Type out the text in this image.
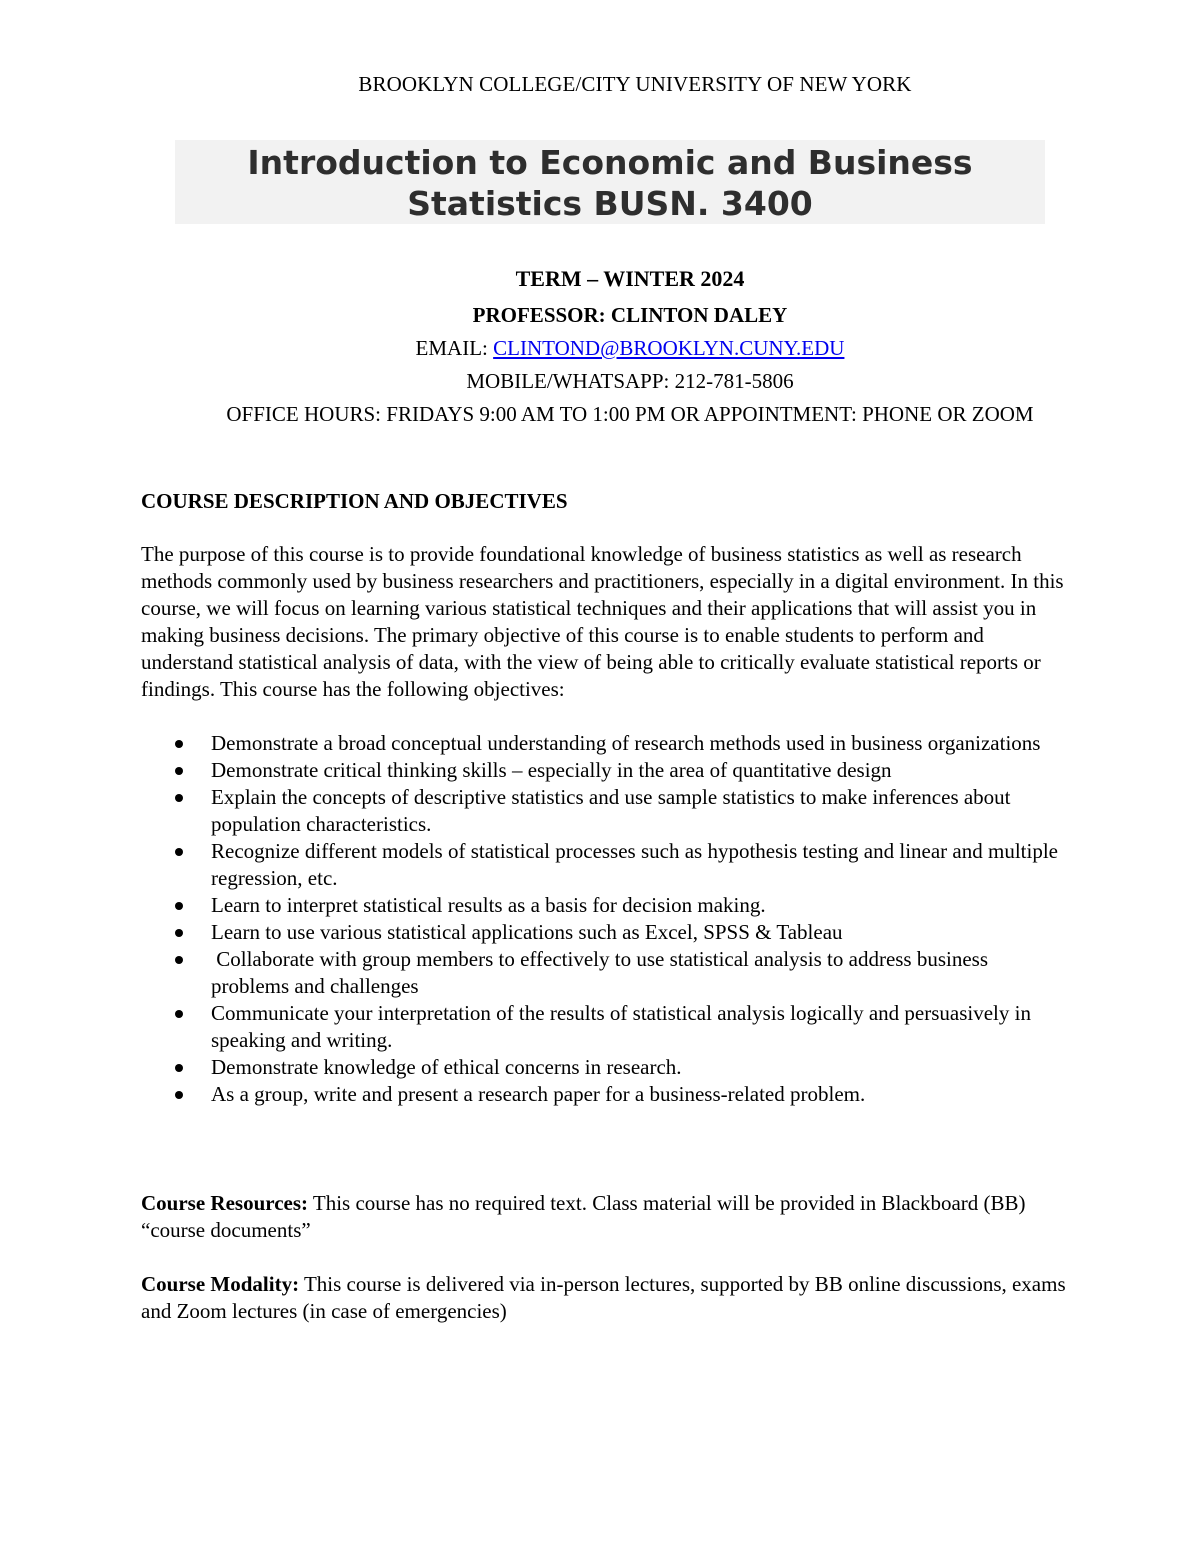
BROOKLYN COLLEGE/CITY UNIVERSITY OF NEW YORK
Introduction to Economic and Business
Statistics BUSN. 3400
TERM – WINTER 2024
PROFESSOR: CLINTON DALEY
EMAIL: CLINTOND@BROOKLYN.CUNY.EDU
MOBILE/WHATSAPP: 212-781-5806
OFFICE HOURS: FRIDAYS 9:00 AM TO 1:00 PM OR APPOINTMENT: PHONE OR ZOOM
COURSE DESCRIPTION AND OBJECTIVES

The purpose of this course is to provide foundational knowledge of business statistics as well as research methods commonly used by business researchers and practitioners, especially in a digital environment. In this course, we will focus on learning various statistical techniques and their applications that will assist you in making business decisions. The primary objective of this course is to enable students to perform and understand statistical analysis of data, with the view of being able to critically evaluate statistical reports or findings. This course has the following objectives:

Demonstrate a broad conceptual understanding of research methods used in business organizations
Demonstrate critical thinking skills – especially in the area of quantitative design
Explain the concepts of descriptive statistics and use sample statistics to make inferences about population characteristics.
Recognize different models of statistical processes such as hypothesis testing and linear and multiple regression, etc.
Learn to interpret statistical results as a basis for decision making.
Learn to use various statistical applications such as Excel, SPSS & Tableau
Collaborate with group members to effectively to use statistical analysis to address business problems and challenges
Communicate your interpretation of the results of statistical analysis logically and persuasively in speaking and writing.
Demonstrate knowledge of ethical concerns in research.
As a group, write and present a research paper for a business-related problem.

Course Resources: This course has no required text. Class material will be provided in Blackboard (BB) “course documents”

Course Modality: This course is delivered via in-person lectures, supported by BB online discussions, exams and Zoom lectures (in case of emergencies)
